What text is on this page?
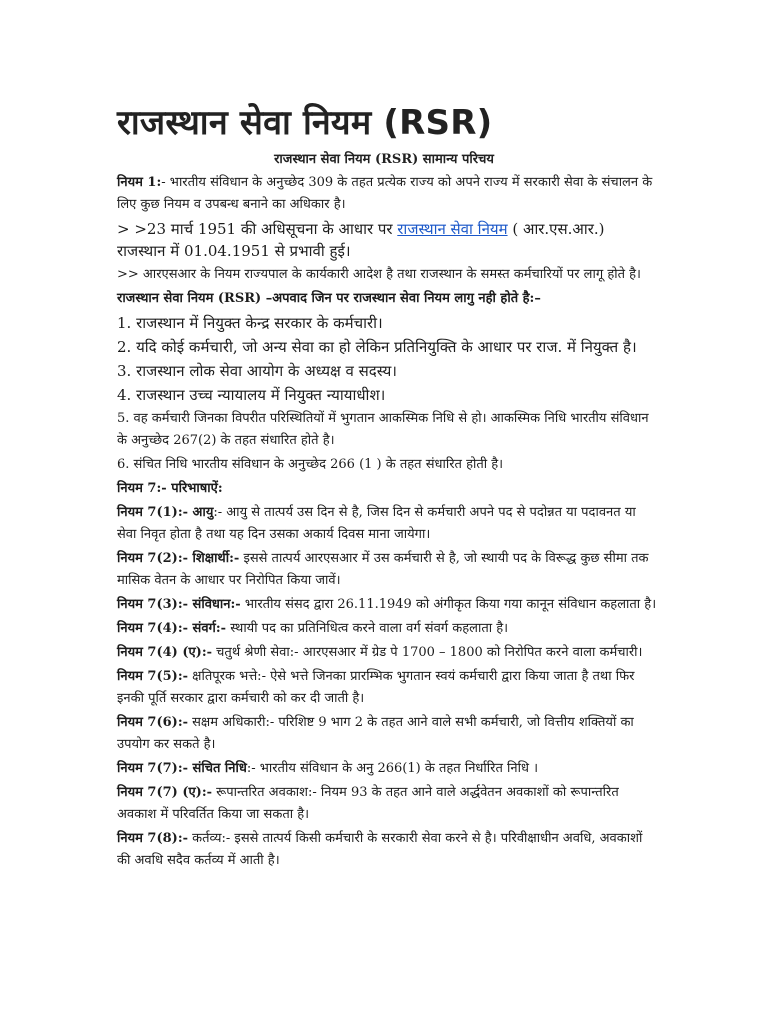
राजस्थान सेवा नियम (RSR)
राजस्थान सेवा नियम (RSR) सामान्य परिचय

नियम 1:- भारतीय संविधान के अनुच्छेद 309 के तहत प्रत्येक राज्य को अपने राज्य में सरकारी सेवा के संचालन के लिए कुछ नियम व उपबन्ध बनाने का अधिकार है।

> >23 मार्च 1951 की अधिसूचना के आधार पर राजस्थान सेवा नियम ( आर.एस.आर.) राजस्थान में 01.04.1951 से प्रभावी हुई।

>> आरएसआर के नियम राज्यपाल के कार्यकारी आदेश है तथा राजस्थान के समस्त कर्मचारियों पर लागू होते है।

राजस्थान सेवा नियम (RSR) –अपवाद जिन पर राजस्थान सेवा नियम लागु नही होते है:–

1. राजस्थान में नियुक्त केन्द्र सरकार के कर्मचारी।

2. यदि कोई कर्मचारी, जो अन्य सेवा का हो लेकिन प्रतिनियुक्ति के आधार पर राज. में नियुक्त है।

3. राजस्थान लोक सेवा आयोग के अध्यक्ष व सदस्य।

4. राजस्थान उच्च न्यायालय में नियुक्त न्यायाधीश।

5. वह कर्मचारी जिनका विपरीत परिस्थितियों में भुगतान आकस्मिक निधि से हो। आकस्मिक निधि भारतीय संविधान के अनुच्छेद 267(2) के तहत संधारित होते है।

6. संचित निधि भारतीय संविधान के अनुच्छेद 266 (1 ) के तहत संधारित होती है।

नियम 7:- परिभाषाऐं:

नियम 7(1):- आयु:- आयु से तात्पर्य उस दिन से है, जिस दिन से कर्मचारी अपने पद से पदोन्नत या पदावनत या सेवा निवृत होता है तथा यह दिन उसका अकार्य दिवस माना जायेगा।

नियम 7(2):- शिक्षार्थी:- इससे तात्पर्य आरएसआर में उस कर्मचारी से है, जो स्थायी पद के विरूद्ध कुछ सीमा तक मासिक वेतन के आधार पर निरोपित किया जावें।

नियम 7(3):- संविधान:- भारतीय संसद द्वारा 26.11.1949 को अंगीकृत किया गया कानून संविधान कहलाता है।

नियम 7(4):- संवर्ग:- स्थायी पद का प्रतिनिधित्व करने वाला वर्ग संवर्ग कहलाता है।

नियम 7(4) (ए):- चतुर्थ श्रेणी सेवा:- आरएसआर में ग्रेड पे 1700 – 1800 को निरोपित करने वाला कर्मचारी।

नियम 7(5):- क्षतिपूरक भत्ते:- ऐसे भत्ते जिनका प्रारम्भिक भुगतान स्वयं कर्मचारी द्वारा किया जाता है तथा फिर इनकी पूर्ति सरकार द्वारा कर्मचारी को कर दी जाती है।

नियम 7(6):- सक्षम अधिकारी:- परिशिष्ट 9 भाग 2 के तहत आने वाले सभी कर्मचारी, जो वित्तीय शक्तियों का उपयोग कर सकते है।

नियम 7(7):- संचित निधि:- भारतीय संविधान के अनु 266(1) के तहत निर्धारित निधि ।

नियम 7(7) (ए):- रूपान्तरित अवकाश:- नियम 93 के तहत आने वाले अर्द्धवेतन अवकाशों को रूपान्तरित अवकाश में परिवर्तित किया जा सकता है।

नियम 7(8):- कर्तव्य:- इससे तात्पर्य किसी कर्मचारी के सरकारी सेवा करने से है। परिवीक्षाधीन अवधि, अवकाशों की अवधि सदैव कर्तव्य में आती है।
